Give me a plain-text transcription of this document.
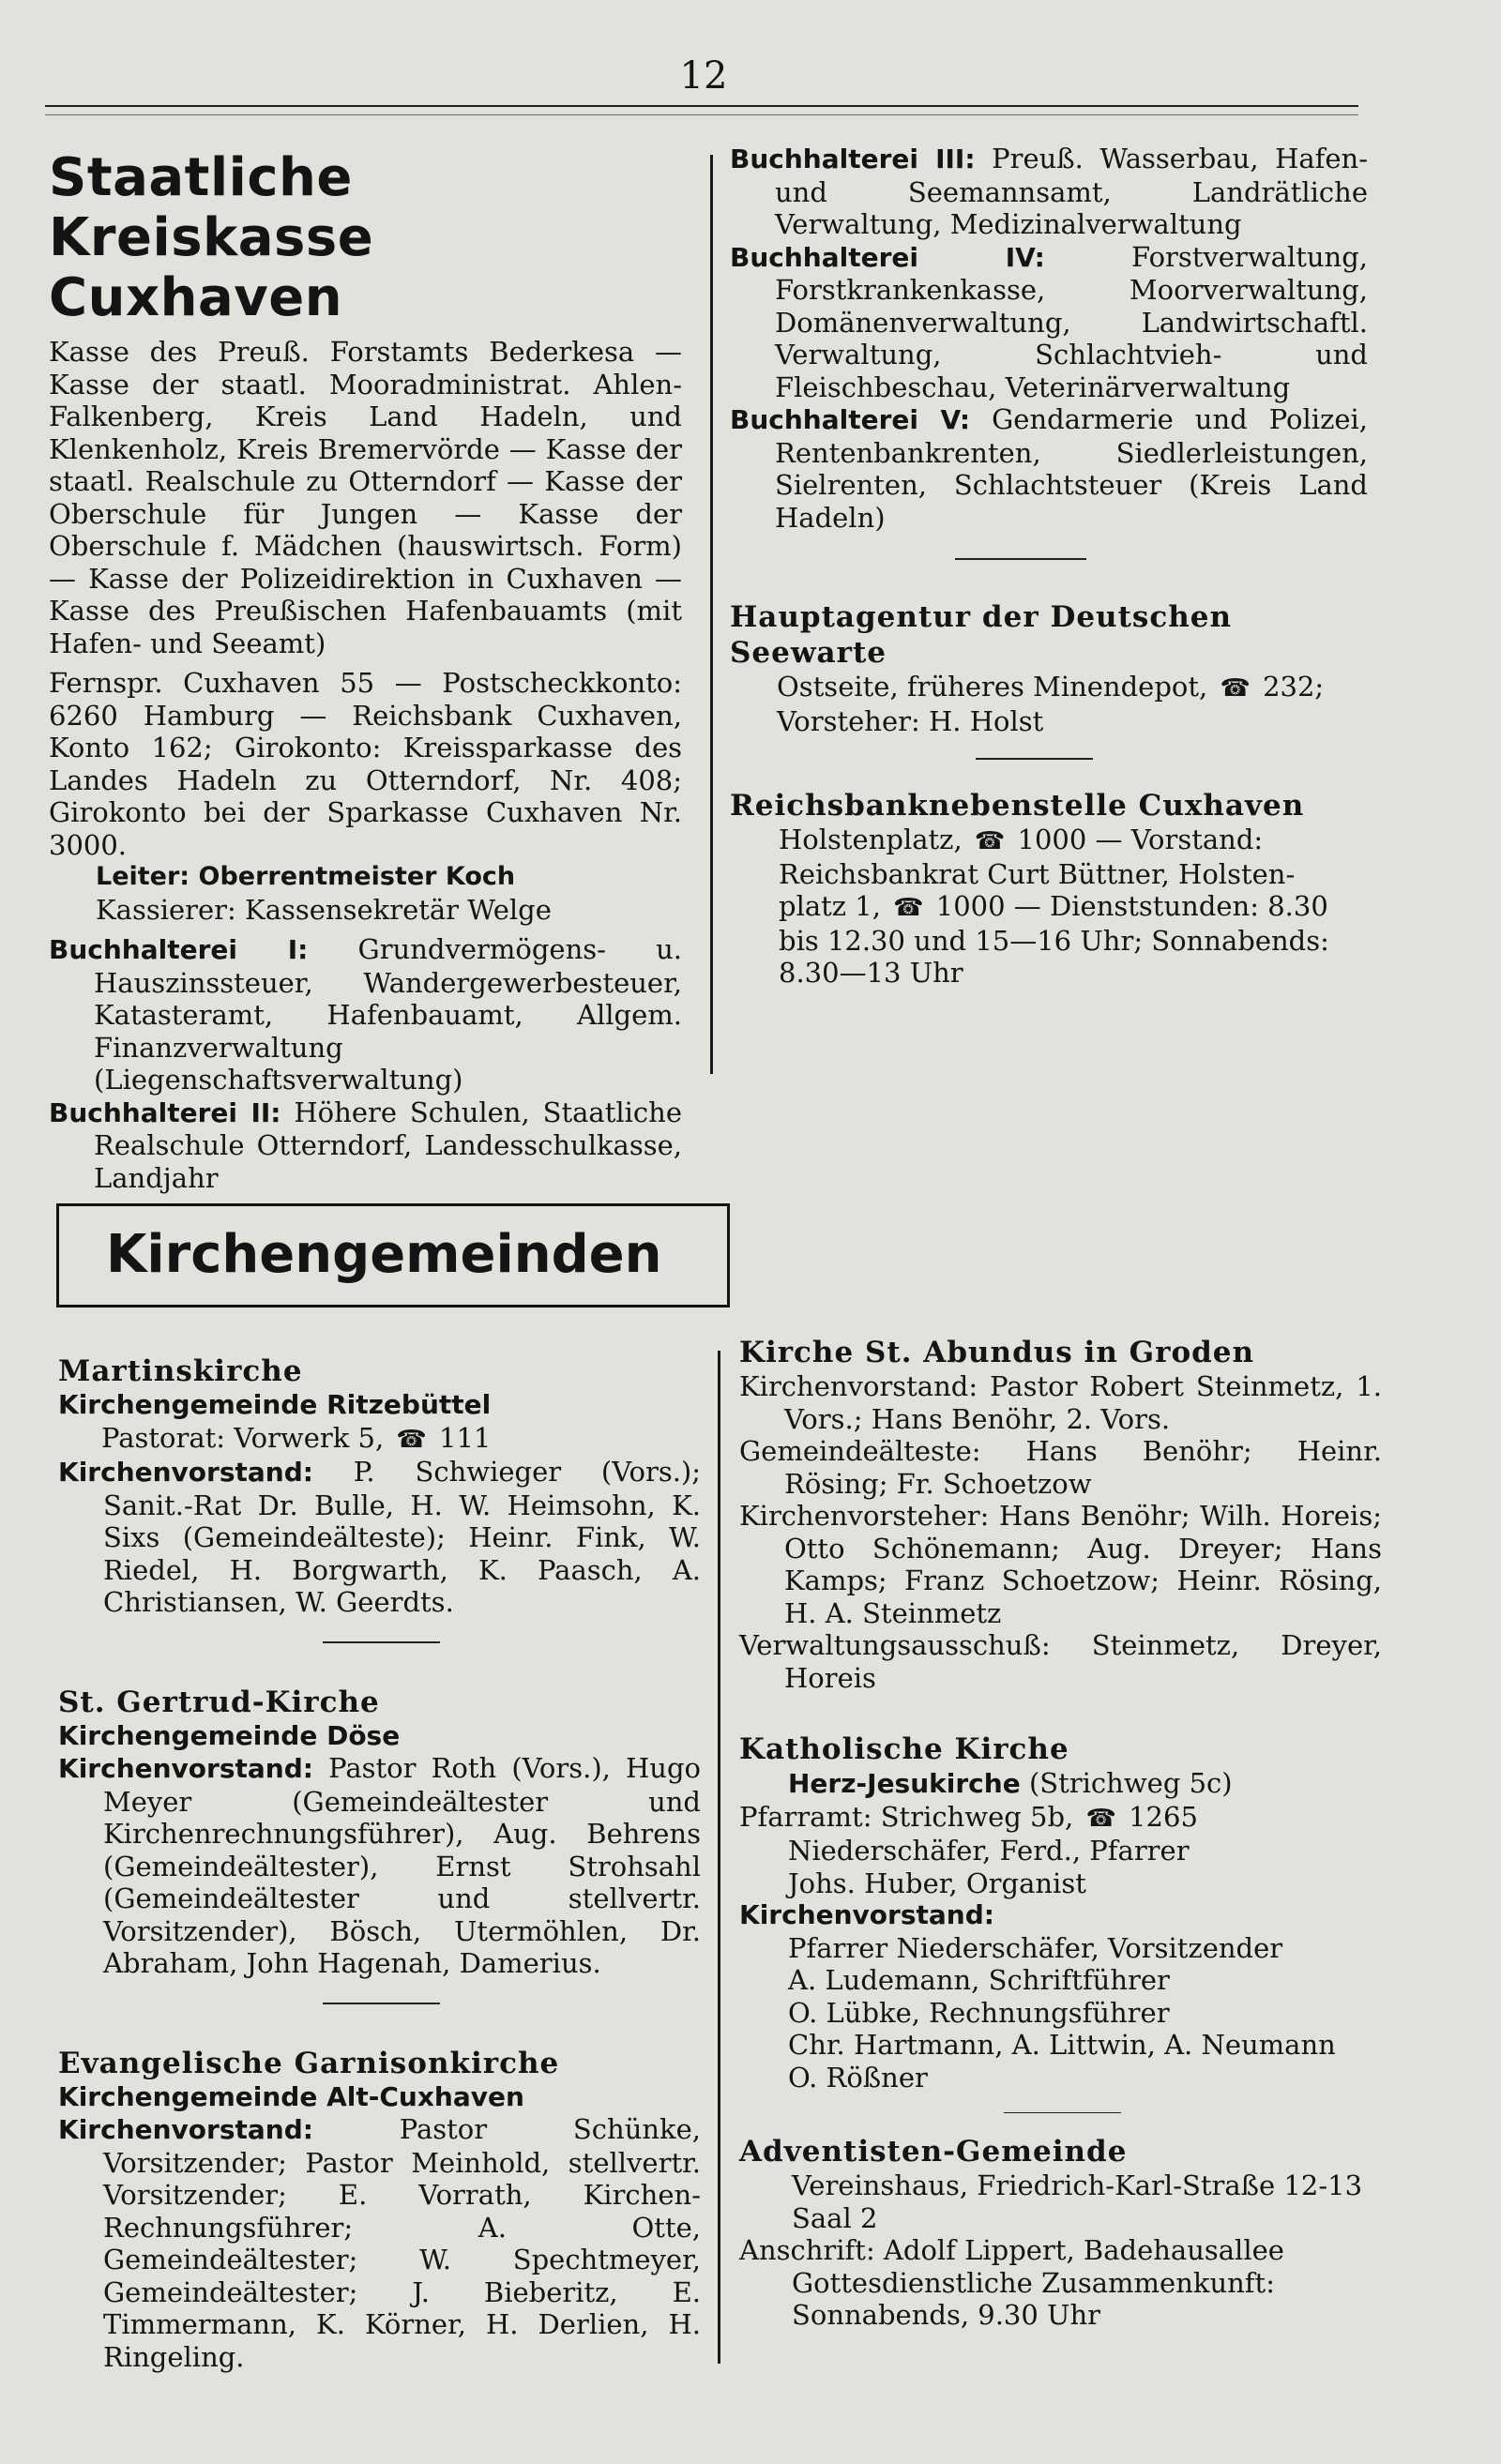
12
Staatliche Kreiskasse Cuxhaven

Kasse des Preuß. Forstamts Bederkesa — Kasse der staatl. Mooradministrat. Ahlen-Falkenberg, Kreis Land Hadeln, und Klenkenholz, Kreis Bremervörde — Kasse der staatl. Realschule zu Otterndorf — Kasse der Oberschule für Jungen — Kasse der Oberschule f. Mädchen (hauswirtsch. Form) — Kasse der Polizeidirektion in Cuxhaven — Kasse des Preußischen Hafenbauamts (mit Hafen- und Seeamt)

Fernspr. Cuxhaven 55 — Postscheckkonto: 6260 Hamburg — Reichsbank Cuxhaven, Konto 162; Girokonto: Kreissparkasse des Landes Hadeln zu Otterndorf, Nr. 408; Girokonto bei der Sparkasse Cuxhaven Nr. 3000.

Leiter: Oberrentmeister Koch

Kassierer: Kassensekretär Welge

Buchhalterei I: Grundvermögens- u. Hauszinssteuer, Wandergewerbesteuer, Katasteramt, Hafenbauamt, Allgem. Finanzverwaltung (Liegenschaftsverwaltung)

Buchhalterei II: Höhere Schulen, Staatliche Realschule Otterndorf, Landesschulkasse, Landjahr

Buchhalterei III: Preuß. Wasserbau, Hafen- und Seemannsamt, Landrätliche Verwaltung, Medizinalverwaltung

Buchhalterei IV:	Forstverwaltung, Forstkrankenkasse, Moorverwaltung, Domänenverwaltung, Landwirtschaftl. Verwaltung, Schlachtvieh- und Fleischbeschau, Veterinärverwaltung

Buchhalterei V: Gendarmerie und Polizei, Rentenbankrenten, Siedlerleistungen, Sielrenten, Schlachtsteuer (Kreis Land Hadeln)

Hauptagentur der Deutschen Seewarte

Ostseite, früheres Minendepot, ☎ 232;

Vorsteher: H. Holst

Reichsbanknebenstelle Cuxhaven

Holstenplatz, ☎ 1000 — Vorstand:

Reichsbankrat Curt Büttner, Holsten-

platz 1, ☎ 1000 — Dienststunden: 8.30

bis 12.30 und 15—16 Uhr; Sonnabends:

8.30—13 Uhr

Kirchengemeinden
Martinskirche

Kirchengemeinde Ritzebüttel

Pastorat: Vorwerk 5, ☎ 111

Kirchenvorstand: P. Schwieger (Vors.); Sanit.-Rat Dr. Bulle, H. W. Heimsohn, K. Sixs (Gemeindeälteste); Heinr. Fink, W. Riedel, H. Borgwarth, K. Paasch, A. Christiansen, W. Geerdts.

St. Gertrud-Kirche

Kirchengemeinde Döse

Kirchenvorstand: Pastor Roth (Vors.), Hugo Meyer (Gemeindeältester und Kirchenrechnungsführer), Aug. Behrens (Gemeindeältester), Ernst Strohsahl (Gemeindeältester und stellvertr. Vorsitzender), Bösch, Utermöhlen, Dr. Abraham, John Hagenah, Damerius.

Evangelische Garnisonkirche

Kirchengemeinde Alt-Cuxhaven

Kirchenvorstand:	Pastor Schünke, Vorsitzender; Pastor Meinhold, stellvertr. Vorsitzender; E. Vorrath, Kirchen-Rechnungsführer; A. Otte, Gemeindeältester; W. Spechtmeyer, Gemeindeältester; J. Bieberitz, E. Timmermann, K. Körner, H. Derlien, H. Ringeling.

Kirche St. Abundus in Groden

Kirchenvorstand: Pastor Robert Steinmetz, 1. Vors.; Hans Benöhr, 2. Vors.

Gemeindeälteste: Hans Benöhr; Heinr. Rösing; Fr. Schoetzow

Kirchenvorsteher: Hans Benöhr; Wilh. Horeis; Otto Schönemann; Aug. Dreyer; Hans Kamps; Franz Schoetzow; Heinr. Rösing, H. A. Steinmetz

Verwaltungsausschuß: Steinmetz, Dreyer, Horeis

Katholische Kirche

Herz-Jesukirche (Strichweg 5c)

Pfarramt: Strichweg 5b, ☎ 1265

Niederschäfer, Ferd., Pfarrer

Johs. Huber, Organist

Kirchenvorstand:

Pfarrer Niederschäfer, Vorsitzender

A. Ludemann, Schriftführer

O. Lübke, Rechnungsführer

Chr. Hartmann, A. Littwin, A. Neumann

O. Rößner

Adventisten-Gemeinde

Vereinshaus, Friedrich-Karl-Straße 12-13

Saal 2

Anschrift: Adolf Lippert, Badehausallee

Gottesdienstliche Zusammenkunft: Sonnabends, 9.30 Uhr
